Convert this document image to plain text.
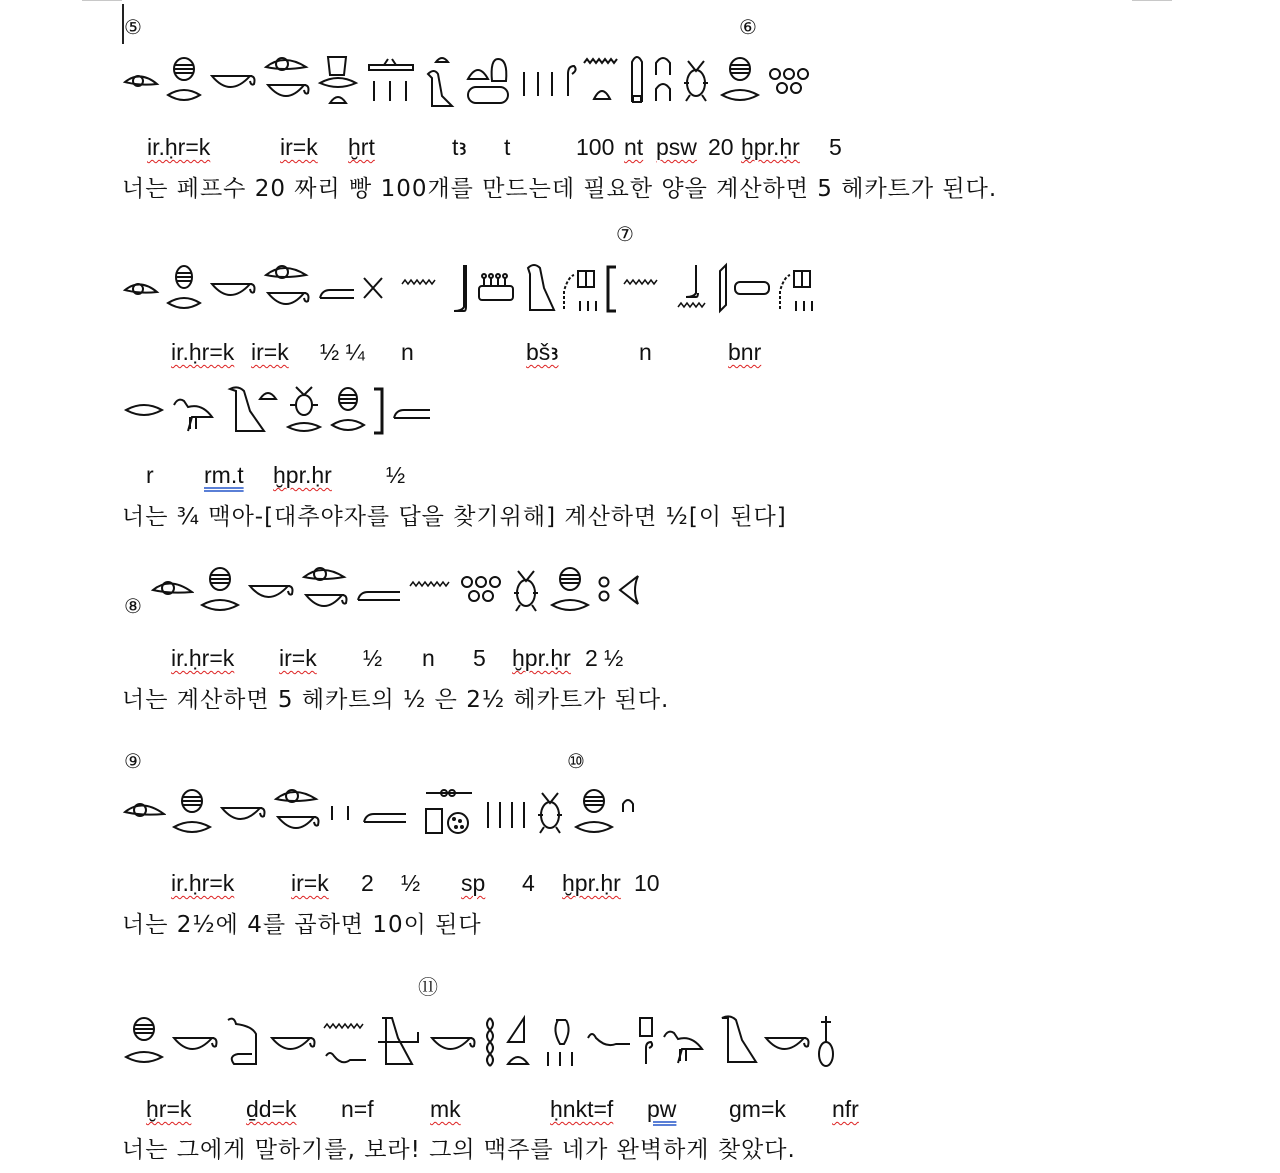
⑤	⑥
ir.ḥr=k	ir=k ḫrt	tꜣ t	100 nt psw 20 ḫpr.ḥr 5
너는 페프수 20 짜리 빵 100개를 만드는데 필요한 양을 계산하면 5 헤카트가 된다.
⑦
ir.ḥr=k ir=k ½ ¼ n	bšꜣ	n	bnr
r rm.t ḫpr.ḥr ½
너는 ¾ 맥아-[대추야자를 답을 찾기위해] 계산하면 ½[이 된다]
⑧
ir.ḥr=k ir=k ½ n 5 ḫpr.ḥr 2 ½
너는 계산하면 5 헤카트의 ½ 은 2½ 헤카트가 된다.
⑨	⑩
ir.ḥr=k ir=k 2 ½ sp 4 ḫpr.ḥr 10
너는 2½에 4를 곱하면 10이 된다
⑪
ḫr=k ḏd=k n=f mk	ḥnkt=f pw gm=k nfr
너는 그에게 말하기를, 보라! 그의 맥주를 네가 완벽하게 찾았다.
